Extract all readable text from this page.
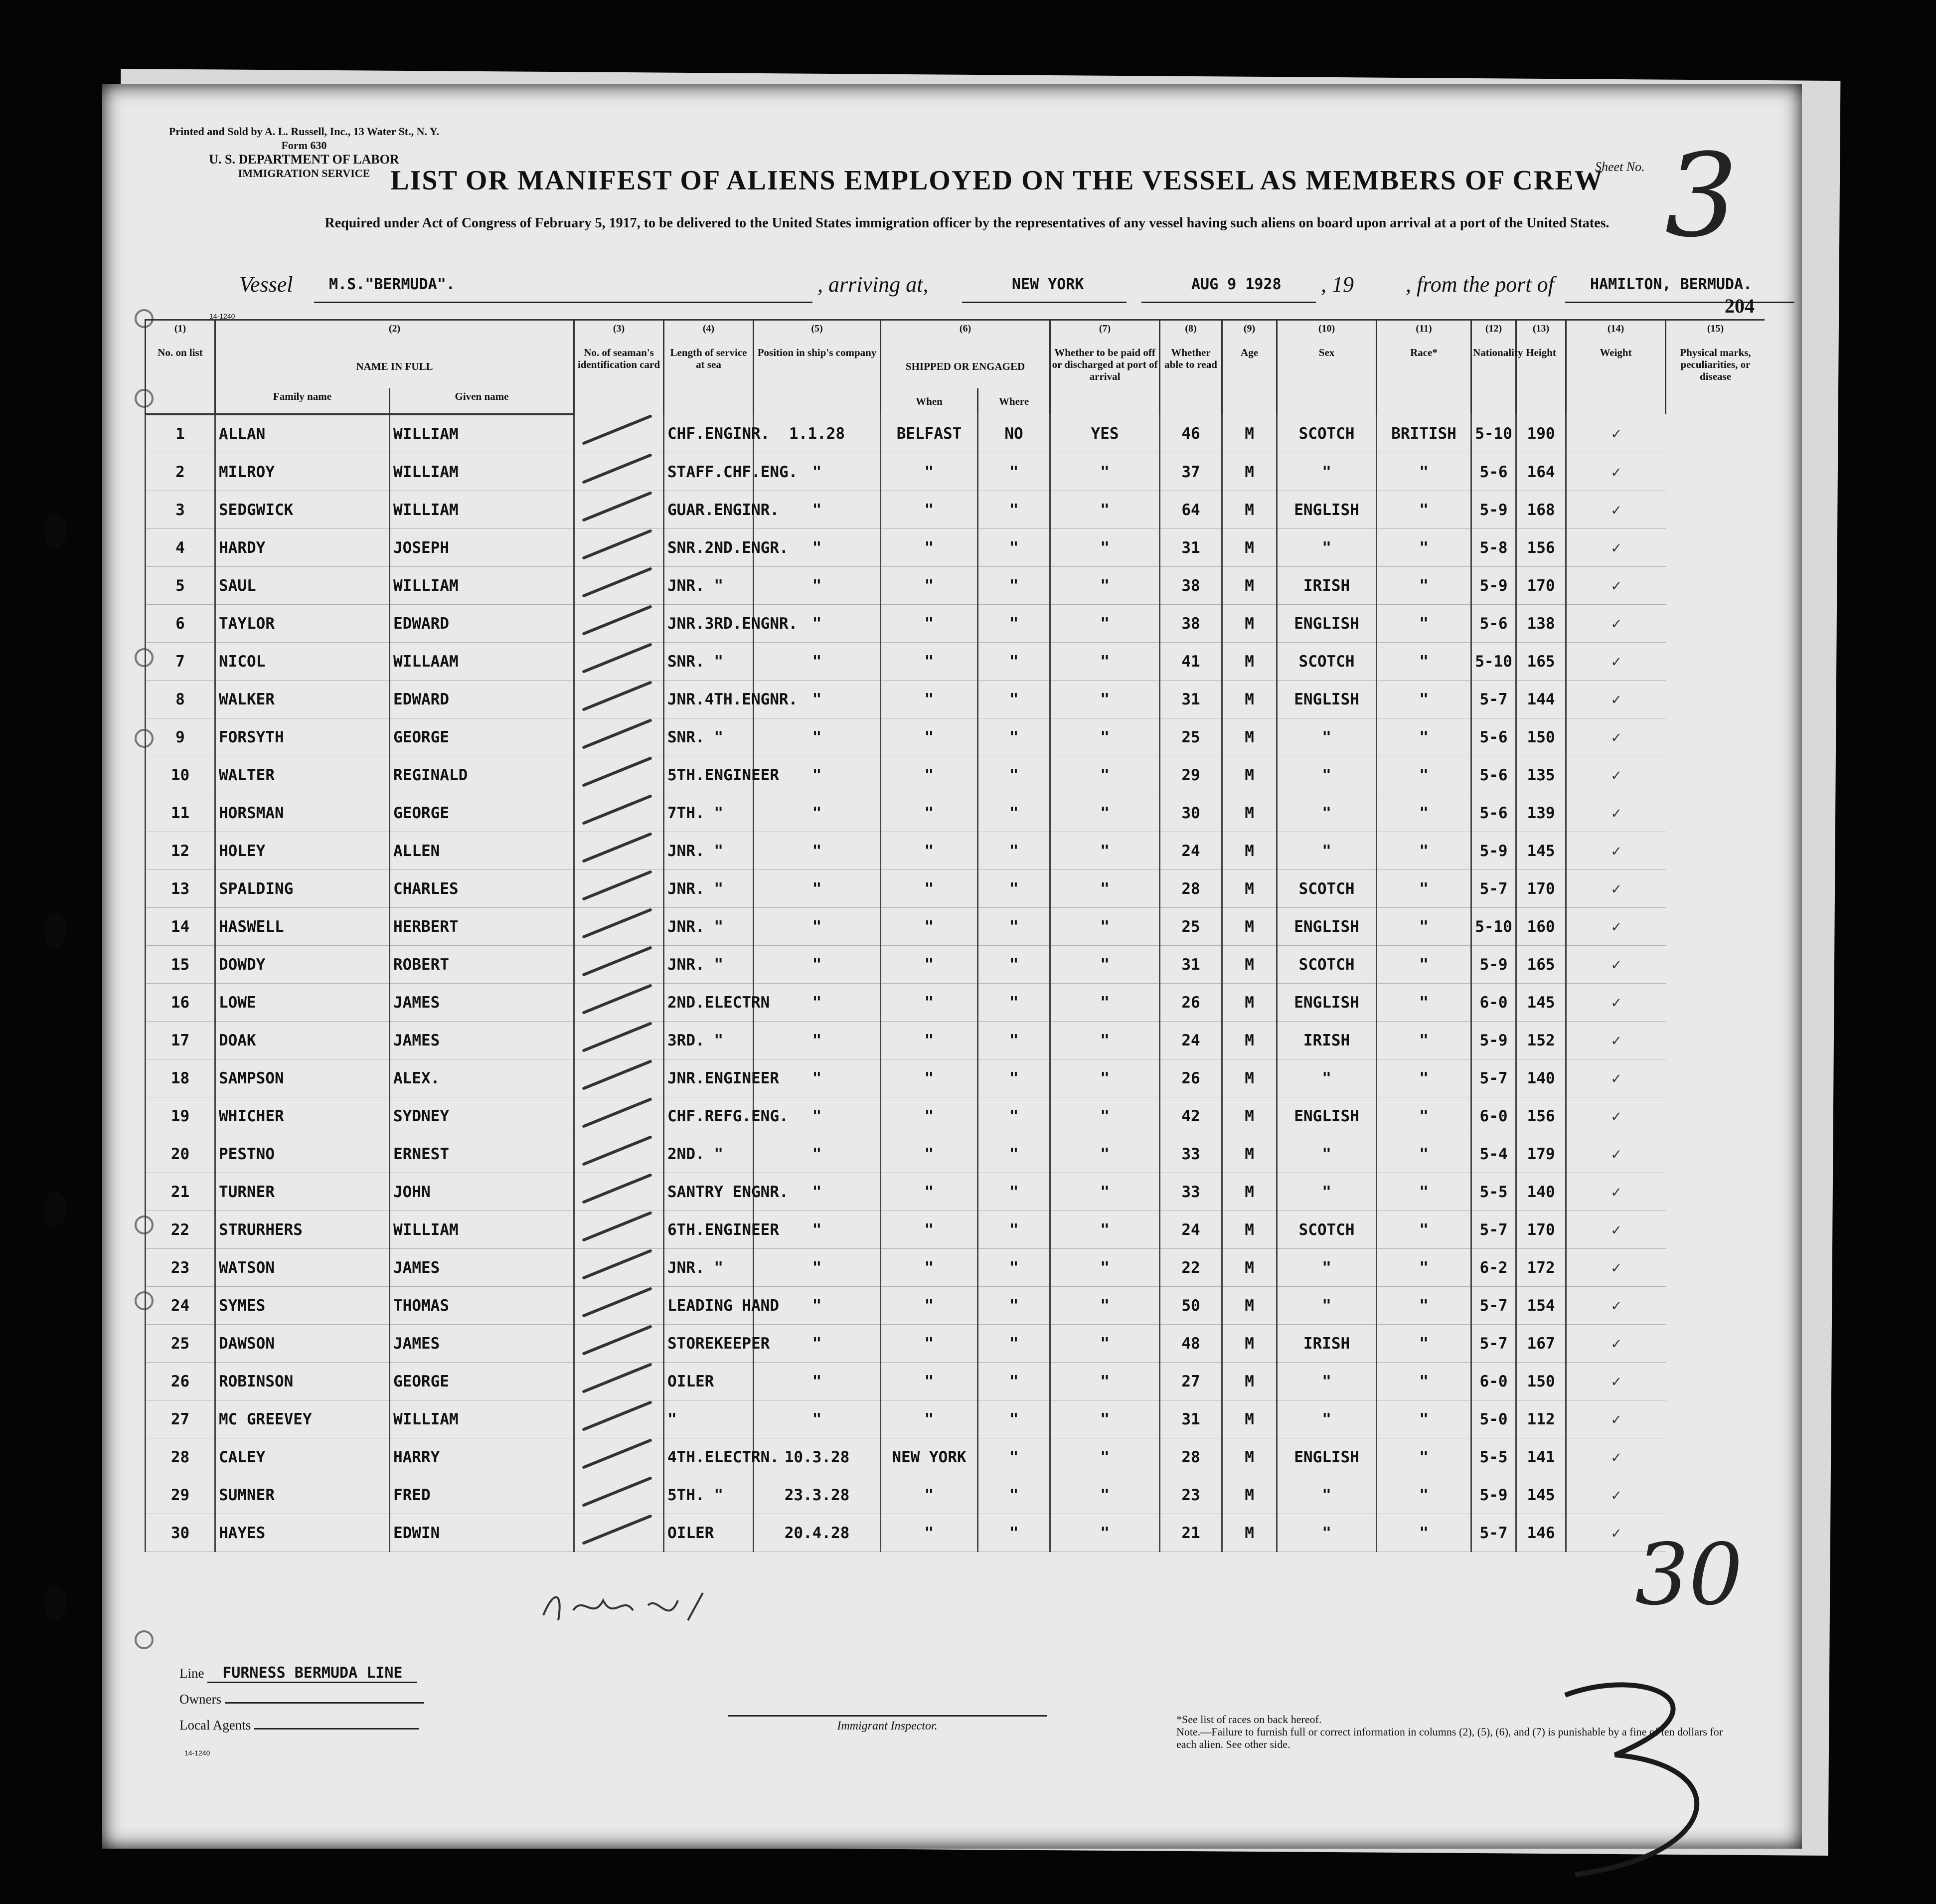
Printed and Sold by A. L. Russell, Inc., 13 Water St., N. Y.
Form 630
U. S. DEPARTMENT OF LABOR
IMMIGRATION SERVICE	Sheet No. 3
LIST OR MANIFEST OF ALIENS EMPLOYED ON THE VESSEL AS MEMBERS OF CREW
Required under Act of Congress of February 5, 1917, to be delivered to the United States immigration officer by the representatives of any vessel having such aliens on board upon arrival at a port of the United States.
Vessel M.S."BERMUDA".	, arriving at,	NEW YORK	AUG 9 1928 , 19 , from the port of HAMILTON, BERMUDA.
204
14-1240
(1)	(2)		(3)	(4)	(5)	(6)		(7)	(8)	(9)	(10)	(11)	(12)	(13)	(14)	(15)
No. on list	NAME IN FULL		No. of seaman's identification card	Length of service at sea	Position in ship's company	SHIPPED OR ENGAGED		Whether to be paid off or discharged at port of arrival	Whether able to read	Age	Sex	Race*	Nationality	Height	Weight	Physical marks, peculiarities, or disease
	Family name	Given name				When	Where									

1	ALLAN	WILLIAM		CHF.ENGINR.	1.1.28	BELFAST	NO	YES	46	M	SCOTCH	BRITISH	5-10	190	✓	
2	MILROY	WILLIAM		STAFF.CHF.ENG.	"	"	"	"	37	M	"	"	5-6	164	✓	
3	SEDGWICK	WILLIAM		GUAR.ENGINR.	"	"	"	"	64	M	ENGLISH	"	5-9	168	✓	
4	HARDY	JOSEPH		SNR.2ND.ENGR.	"	"	"	"	31	M	"	"	5-8	156	✓	
5	SAUL	WILLIAM		JNR. "	"	"	"	"	38	M	IRISH	"	5-9	170	✓	
6	TAYLOR	EDWARD		JNR.3RD.ENGNR.	"	"	"	"	38	M	ENGLISH	"	5-6	138	✓	
7	NICOL	WILLAAM		SNR. "	"	"	"	"	41	M	SCOTCH	"	5-10	165	✓	
8	WALKER	EDWARD		JNR.4TH.ENGNR.	"	"	"	"	31	M	ENGLISH	"	5-7	144	✓	
9	FORSYTH	GEORGE		SNR. "	"	"	"	"	25	M	"	"	5-6	150	✓	
10	WALTER	REGINALD		5TH.ENGINEER	"	"	"	"	29	M	"	"	5-6	135	✓	
11	HORSMAN	GEORGE		7TH. "	"	"	"	"	30	M	"	"	5-6	139	✓	
12	HOLEY	ALLEN		JNR. "	"	"	"	"	24	M	"	"	5-9	145	✓	
13	SPALDING	CHARLES		JNR. "	"	"	"	"	28	M	SCOTCH	"	5-7	170	✓	
14	HASWELL	HERBERT		JNR. "	"	"	"	"	25	M	ENGLISH	"	5-10	160	✓	
15	DOWDY	ROBERT		JNR. "	"	"	"	"	31	M	SCOTCH	"	5-9	165	✓	
16	LOWE	JAMES		2ND.ELECTRN	"	"	"	"	26	M	ENGLISH	"	6-0	145	✓	
17	DOAK	JAMES		3RD. "	"	"	"	"	24	M	IRISH	"	5-9	152	✓	
18	SAMPSON	ALEX.		JNR.ENGINEER	"	"	"	"	26	M	"	"	5-7	140	✓	
19	WHICHER	SYDNEY		CHF.REFG.ENG.	"	"	"	"	42	M	ENGLISH	"	6-0	156	✓	
20	PESTNO	ERNEST		2ND. "	"	"	"	"	33	M	"	"	5-4	179	✓	
21	TURNER	JOHN		SANTRY ENGNR.	"	"	"	"	33	M	"	"	5-5	140	✓	
22	STRURHERS	WILLIAM		6TH.ENGINEER	"	"	"	"	24	M	SCOTCH	"	5-7	170	✓	
23	WATSON	JAMES		JNR. "	"	"	"	"	22	M	"	"	6-2	172	✓	
24	SYMES	THOMAS		LEADING HAND	"	"	"	"	50	M	"	"	5-7	154	✓	
25	DAWSON	JAMES		STOREKEEPER	"	"	"	"	48	M	IRISH	"	5-7	167	✓	
26	ROBINSON	GEORGE		OILER	"	"	"	"	27	M	"	"	6-0	150	✓	
27	MC GREEVEY	WILLIAM		"	"	"	"	"	31	M	"	"	5-0	112	✓	
28	CALEY	HARRY		4TH.ELECTRN.	10.3.28	NEW YORK	"	"	28	M	ENGLISH	"	5-5	141	✓	
29	SUMNER	FRED		5TH. "	23.3.28	"	"	"	23	M	"	"	5-9	145	✓	
30	HAYES	EDWIN		OILER	20.4.28	"	"	"	21	M	"	"	5-7	146	✓	30
Line FURNESS BERMUDA LINE
Owners
Local Agents
14-1240
Immigrant Inspector.
*See list of races on back hereof.
Note.—Failure to furnish full or correct information in columns (2), (5), (6), and (7) is punishable by a fine of ten dollars for each alien. See other side.
